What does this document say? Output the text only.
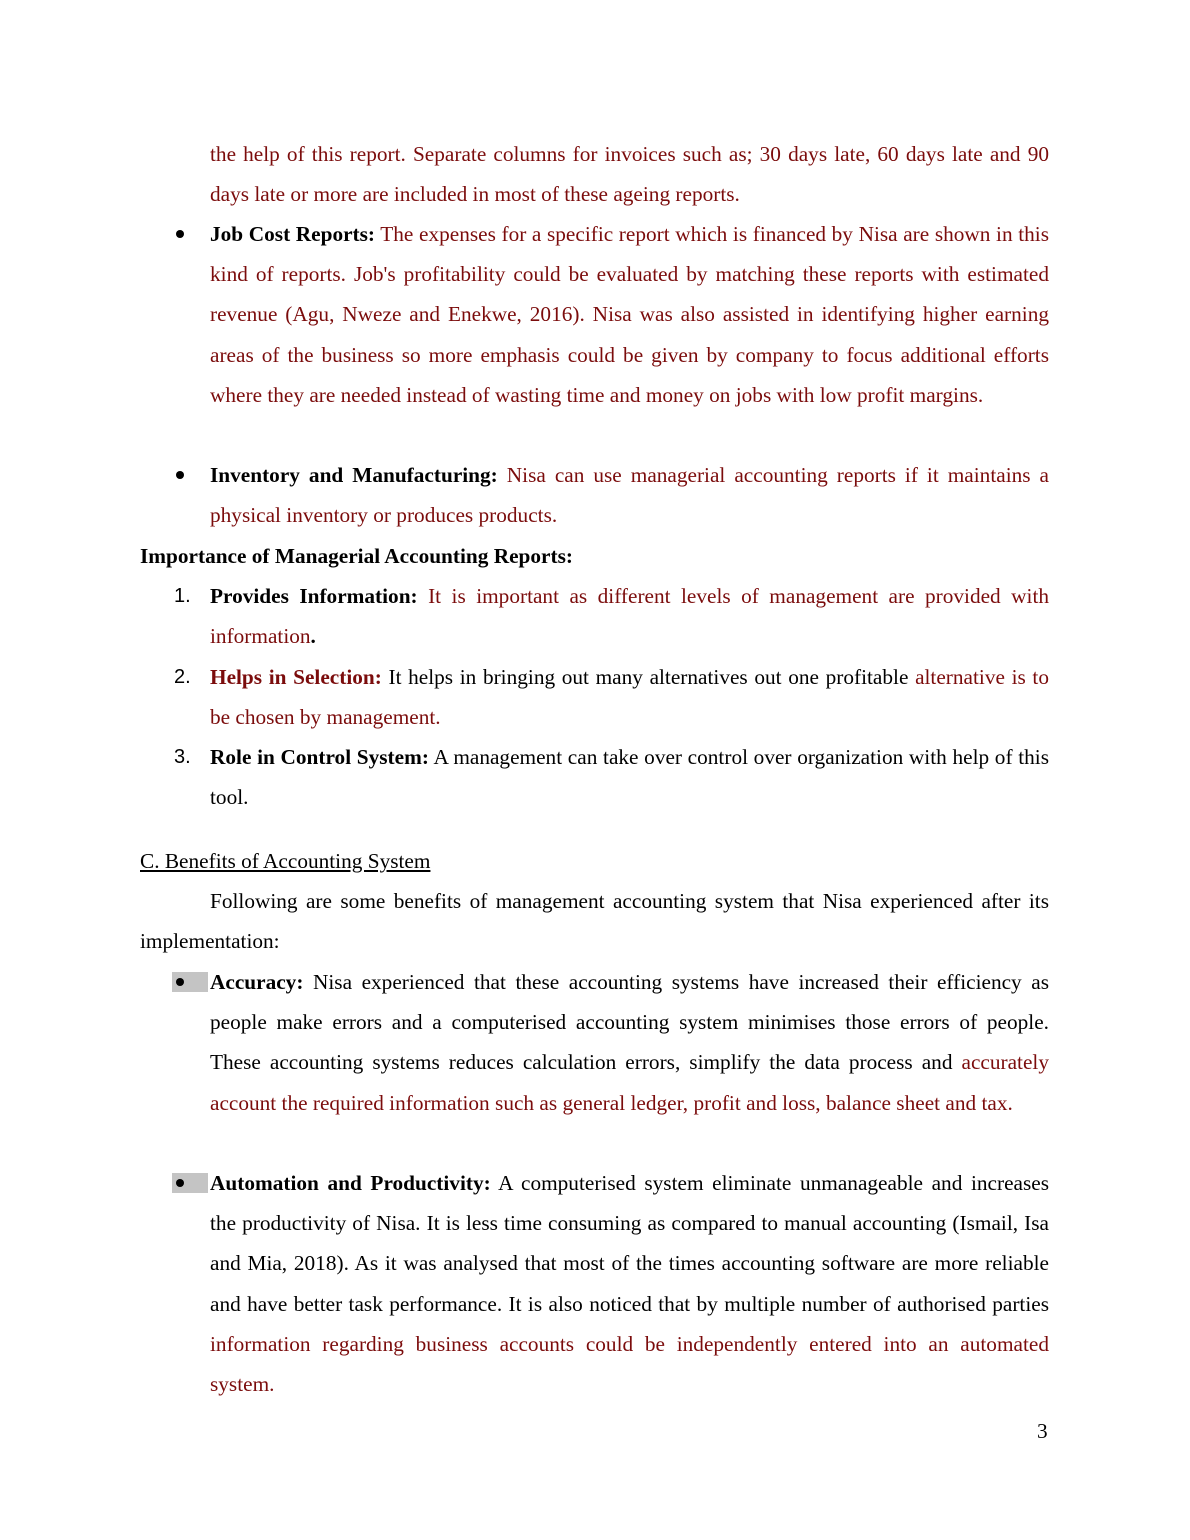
the help of this report. Separate columns for invoices such as; 30 days late, 60 days late and 90 days late or more are included in most of these ageing reports.
Job Cost Reports: The expenses for a specific report which is financed by Nisa are shown in this kind of reports. Job's profitability could be evaluated by matching these reports with estimated revenue (Agu, Nweze and Enekwe, 2016). Nisa was also assisted in identifying higher earning areas of the business so more emphasis could be given by company to focus additional efforts where they are needed instead of wasting time and money on jobs with low profit margins.
Inventory and Manufacturing: Nisa can use managerial accounting reports if it maintains a physical inventory or produces products.
Importance of Managerial Accounting Reports:
1. Provides Information: It is important as different levels of management are provided with information.
2. Helps in Selection: It helps in bringing out many alternatives out one profitable alternative is to be chosen by management.
3. Role in Control System: A management can take over control over organization with help of this tool.
C. Benefits of Accounting System
Following are some benefits of management accounting system that Nisa experienced after its implementation:
Accuracy: Nisa experienced that these accounting systems have increased their efficiency as people make errors and a computerised accounting system minimises those errors of people. These accounting systems reduces calculation errors, simplify the data process and accurately account the required information such as general ledger, profit and loss, balance sheet and tax.
Automation and Productivity: A computerised system eliminate unmanageable and increases the productivity of Nisa. It is less time consuming as compared to manual accounting (Ismail, Isa and Mia, 2018). As it was analysed that most of the times accounting software are more reliable and have better task performance. It is also noticed that by multiple number of authorised parties information regarding business accounts could be independently entered into an automated system.
3
